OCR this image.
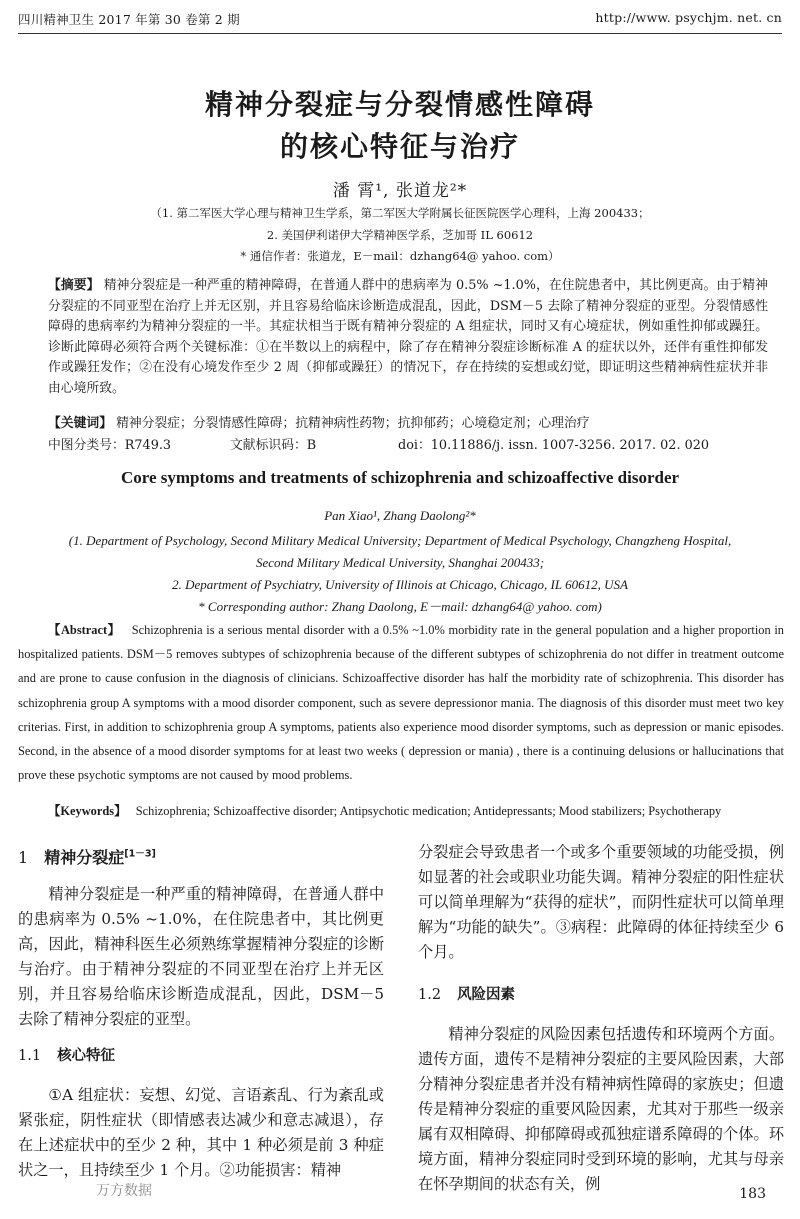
四川精神卫生 2017 年第 30 卷第 2 期	http://www. psychjm. net. cn
精神分裂症与分裂情感性障碍
的核心特征与治疗
潘 霄¹, 张道龙²*
（1. 第二军医大学心理与精神卫生学系，第二军医大学附属长征医院医学心理科，上海 200433；
2. 美国伊利诺伊大学精神医学系，芝加哥 IL 60612
* 通信作者：张道龙，E－mail：dzhang64@ yahoo. com）
【摘要】 精神分裂症是一种严重的精神障碍，在普通人群中的患病率为 0.5% ~1.0%，在住院患者中，其比例更高。由于精神分裂症的不同亚型在治疗上并无区别，并且容易给临床诊断造成混乱，因此，DSM－5 去除了精神分裂症的亚型。分裂情感性障碍的患病率约为精神分裂症的一半。其症状相当于既有精神分裂症的 A 组症状，同时又有心境症状，例如重性抑郁或躁狂。诊断此障碍必须符合两个关键标准：①在半数以上的病程中，除了存在精神分裂症诊断标准 A 的症状以外，还伴有重性抑郁发作或躁狂发作；②在没有心境发作至少 2 周（抑郁或躁狂）的情况下，存在持续的妄想或幻觉，即证明这些精神病性症状并非由心境所致。
【关键词】 精神分裂症；分裂情感性障碍；抗精神病性药物；抗抑郁药；心境稳定剂；心理治疗
中图分类号：R749.3	文献标识码：B	doi：10.11886/j. issn. 1007-3256. 2017. 02. 020
Core symptoms and treatments of schizophrenia and schizoaffective disorder
Pan Xiao¹, Zhang Daolong²*
(1. Department of Psychology, Second Military Medical University; Department of Medical Psychology, Changzheng Hospital,
Second Military Medical University, Shanghai 200433;
2. Department of Psychiatry, University of Illinois at Chicago, Chicago, IL 60612, USA
* Corresponding author: Zhang Daolong, E－mail: dzhang64@ yahoo. com)
【Abstract】 Schizophrenia is a serious mental disorder with a 0.5% ~1.0% morbidity rate in the general population and a higher proportion in hospitalized patients. DSM－5 removes subtypes of schizophrenia because of the different subtypes of schizophrenia do not differ in treatment outcome and are prone to cause confusion in the diagnosis of clinicians. Schizoaffective disorder has half the morbidity rate of schizophrenia. This disorder has schizophrenia group A symptoms with a mood disorder component, such as severe depressionor mania. The diagnosis of this disorder must meet two key criterias. First, in addition to schizophrenia group A symptoms, patients also experience mood disorder symptoms, such as depression or manic episodes. Second, in the absence of a mood disorder symptoms for at least two weeks ( depression or mania) , there is a continuing delusions or hallucinations that prove these psychotic symptoms are not caused by mood problems.
【Keywords】 Schizophrenia; Schizoaffective disorder; Antipsychotic medication; Antidepressants; Mood stabilizers; Psychotherapy
1 精神分裂症[1－3]

精神分裂症是一种严重的精神障碍，在普通人群中的患病率为 0.5% ~1.0%，在住院患者中，其比例更高，因此，精神科医生必须熟练掌握精神分裂症的诊断与治疗。由于精神分裂症的不同亚型在治疗上并无区别，并且容易给临床诊断造成混乱，因此，DSM－5 去除了精神分裂症的亚型。

1.1 核心特征

①A 组症状：妄想、幻觉、言语紊乱、行为紊乱或紧张症，阴性症状（即情感表达减少和意志减退），存在上述症状中的至少 2 种，其中 1 种必须是前 3 种症状之一，且持续至少 1 个月。②功能损害：精神

分裂症会导致患者一个或多个重要领域的功能受损，例如显著的社会或职业功能失调。精神分裂症的阳性症状可以简单理解为“获得的症状”，而阴性症状可以简单理解为“功能的缺失”。③病程：此障碍的体征持续至少 6 个月。

1.2 风险因素

精神分裂症的风险因素包括遗传和环境两个方面。遗传方面，遗传不是精神分裂症的主要风险因素，大部分精神分裂症患者并没有精神病性障碍的家族史；但遗传是精神分裂症的重要风险因素，尤其对于那些一级亲属有双相障碍、抑郁障碍或孤独症谱系障碍的个体。环境方面，精神分裂症同时受到环境的影响，尤其与母亲在怀孕期间的状态有关，例

万方数据	183
